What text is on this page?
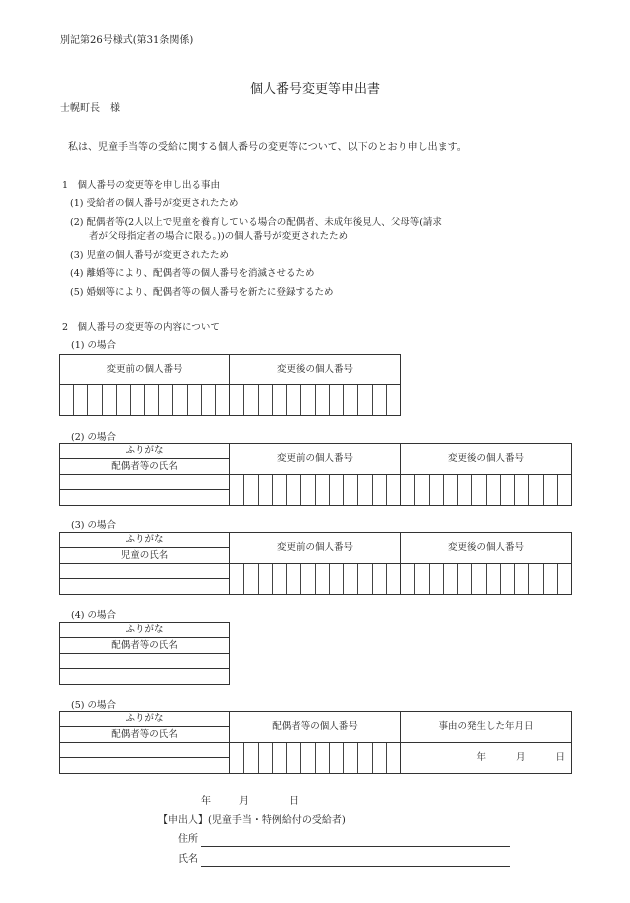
別記第26号様式(第31条関係)
個人番号変更等申出書
士幌町長　様
私は、児童手当等の受給に関する個人番号の変更等について、以下のとおり申し出ます。
1　個人番号の変更等を申し出る事由
(1) 受給者の個人番号が変更されたため
(2) 配偶者等(2人以上で児童を養育している場合の配偶者、未成年後見人、父母等(請求
者が父母指定者の場合に限る。))の個人番号が変更されたため
(3) 児童の個人番号が変更されたため
(4) 離婚等により、配偶者等の個人番号を消滅させるため
(5) 婚姻等により、配偶者等の個人番号を新たに登録するため
2　個人番号の変更等の内容について
(1) の場合
変更前の個人番号	変更後の個人番号

(2) の場合
ふりがな	変更前の個人番号	変更後の個人番号
配偶者等の氏名		

(3) の場合
ふりがな	変更前の個人番号	変更後の個人番号
児童の氏名		

(4) の場合
ふりがな
配偶者等の氏名

(5) の場合
ふりがな	配偶者等の個人番号	事由の発生した年月日
配偶者等の氏名		

		年 月 日

年	月	日
【申出人】(児童手当・特例給付の受給者)
住所
氏名
